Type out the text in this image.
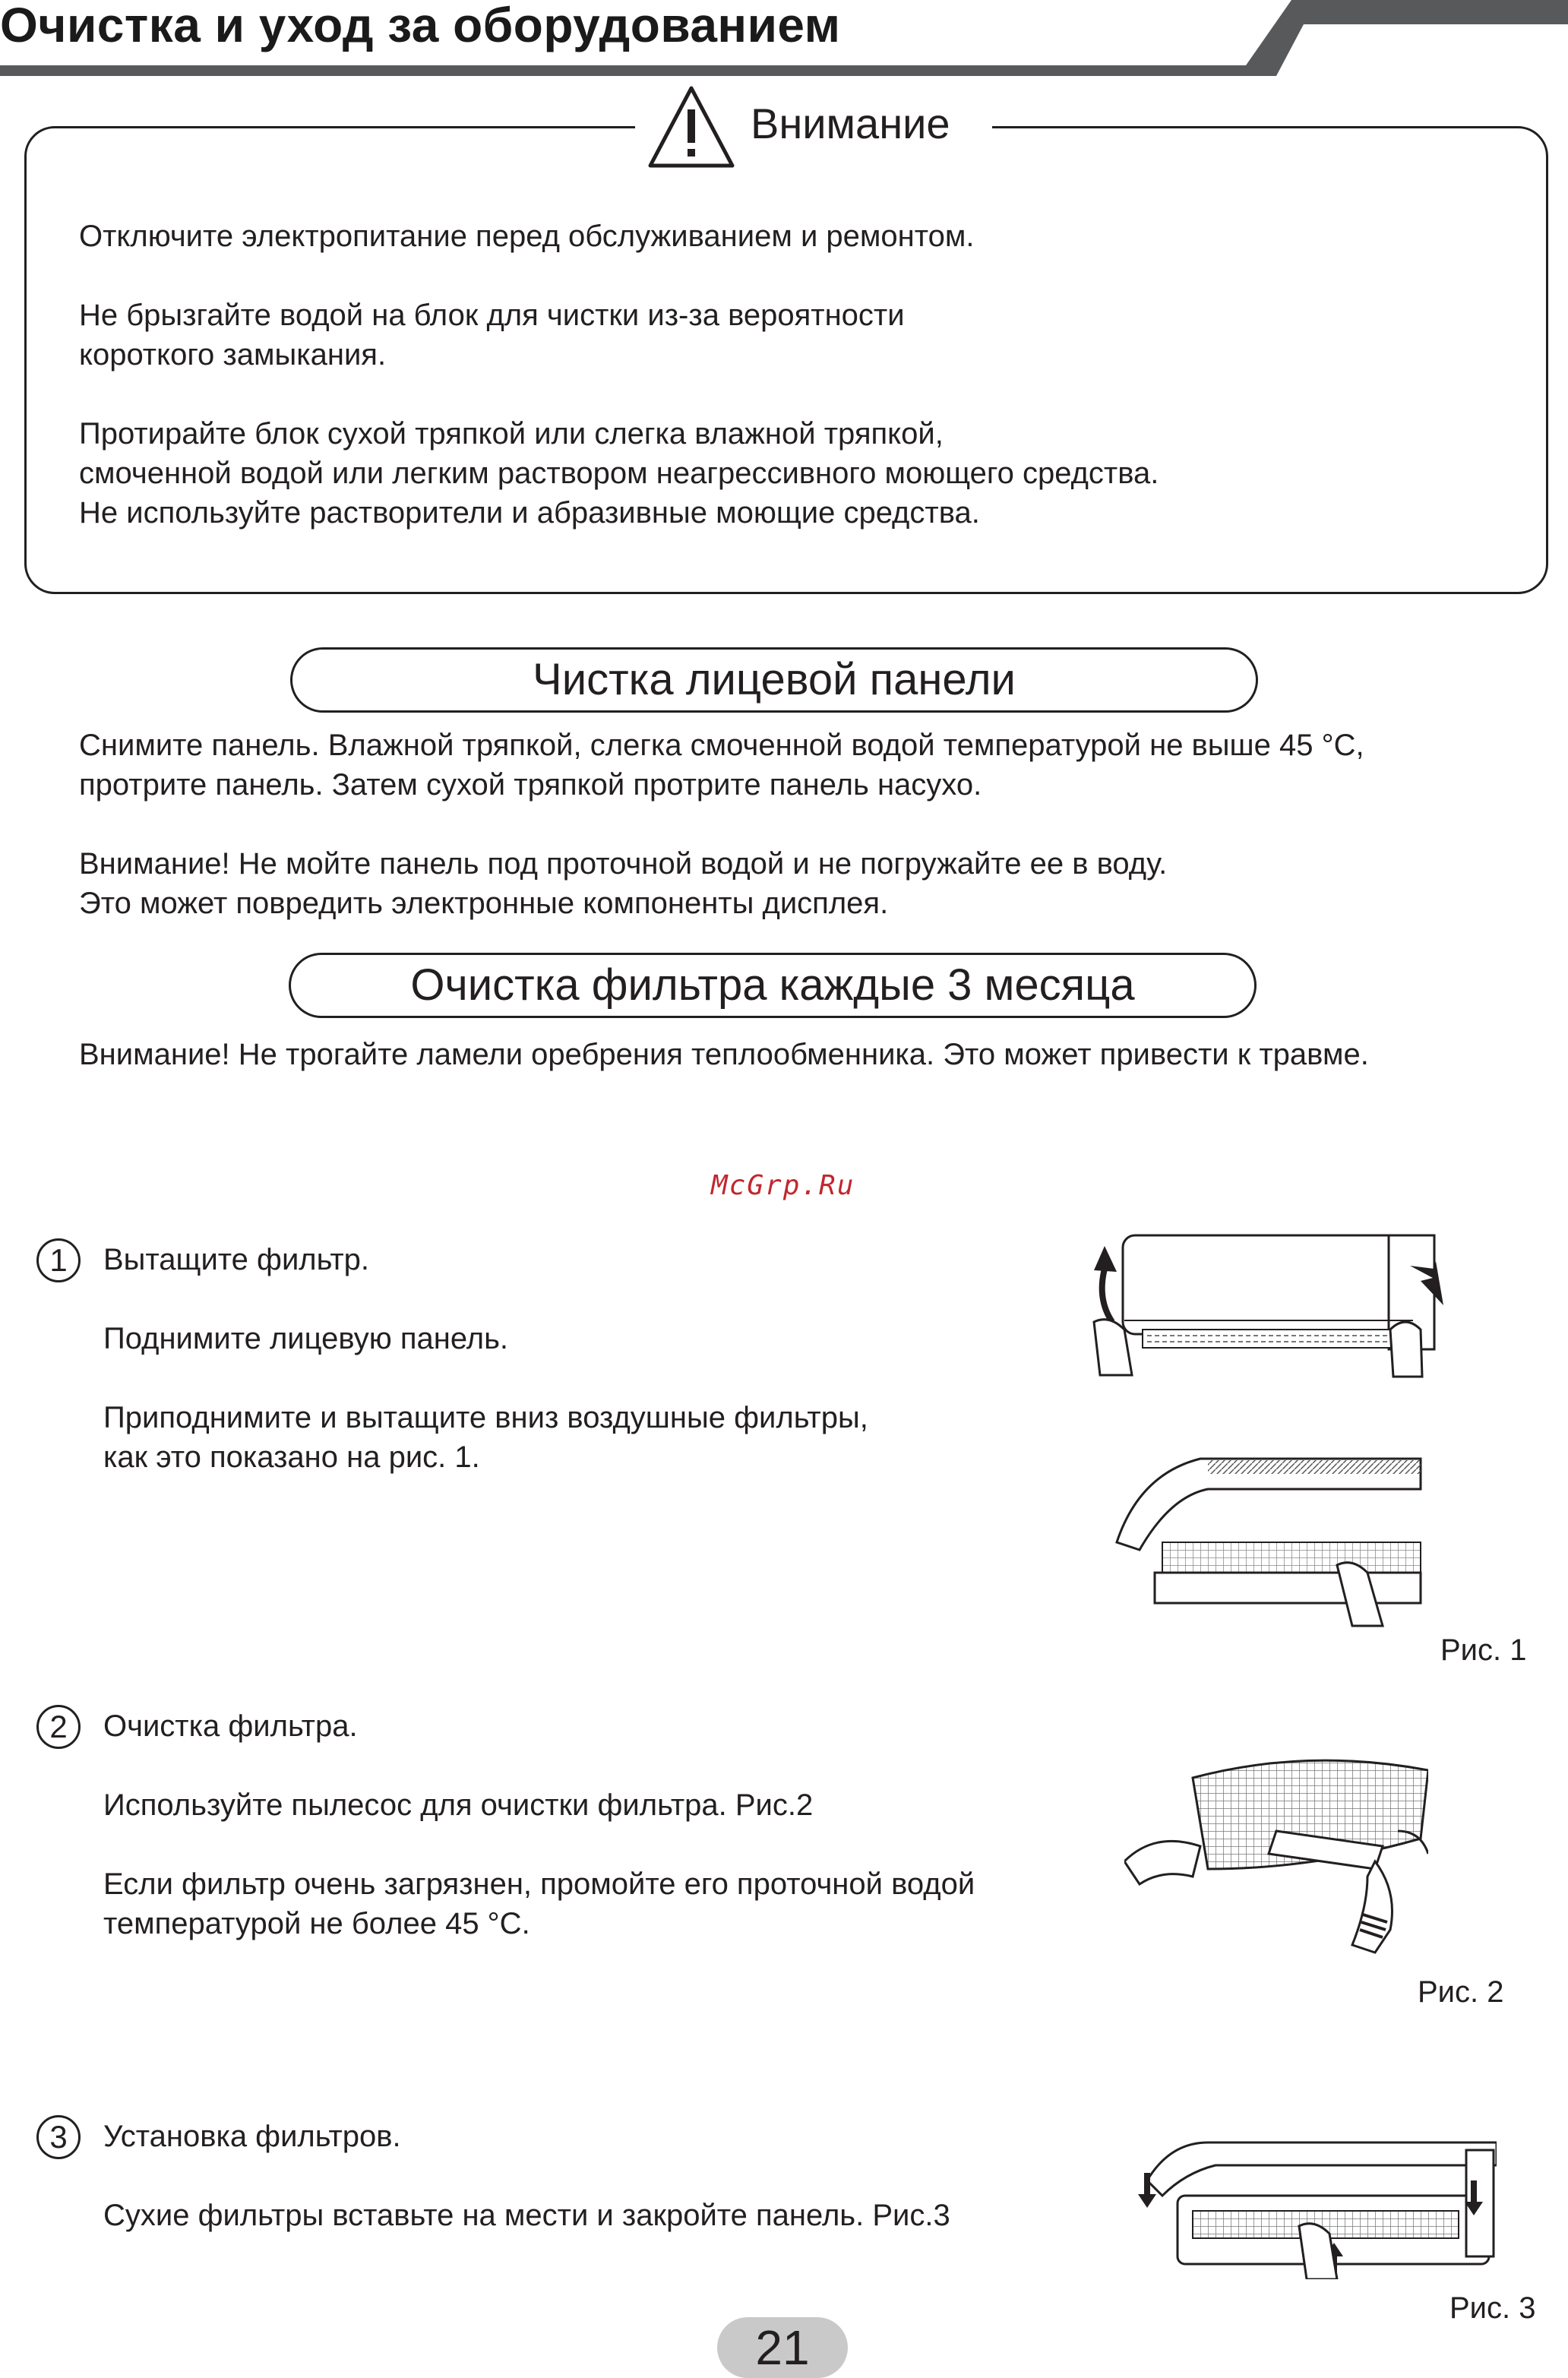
Очистка и уход за оборудованием
Внимание
Отключите электропитание перед обслуживанием и ремонтом.
Не брызгайте водой на блок для чистки из-за вероятности
короткого замыкания.
Протирайте блок сухой тряпкой или слегка влажной тряпкой,
смоченной водой или легким раствором неагрессивного моющего средства.
Не используйте растворители и абразивные моющие средства.
Чистка лицевой панели
Снимите панель. Влажной тряпкой, слегка смоченной водой температурой не выше 45 °C,
протрите панель. Затем сухой тряпкой протрите панель насухо.
Внимание! Не мойте панель под проточной водой и не погружайте ее в воду.
Это может повредить электронные компоненты дисплея.
Очистка фильтра каждые 3 месяца
Внимание! Не трогайте ламели оребрения теплообменника. Это может привести к травме.
McGrp.Ru
1	Вытащите фильтр.
Поднимите лицевую панель.
Приподнимите и вытащите вниз воздушные фильтры,
как это показано на рис. 1.
Рис. 1
2	Очистка фильтра.
Используйте пылесос для очистки фильтра. Рис.2
Если фильтр очень загрязнен, промойте его проточной водой
температурой не более 45 °C.
Рис. 2
3	Установка фильтров.
Сухие фильтры вставьте на мести и закройте панель. Рис.3
Рис. 3
21
